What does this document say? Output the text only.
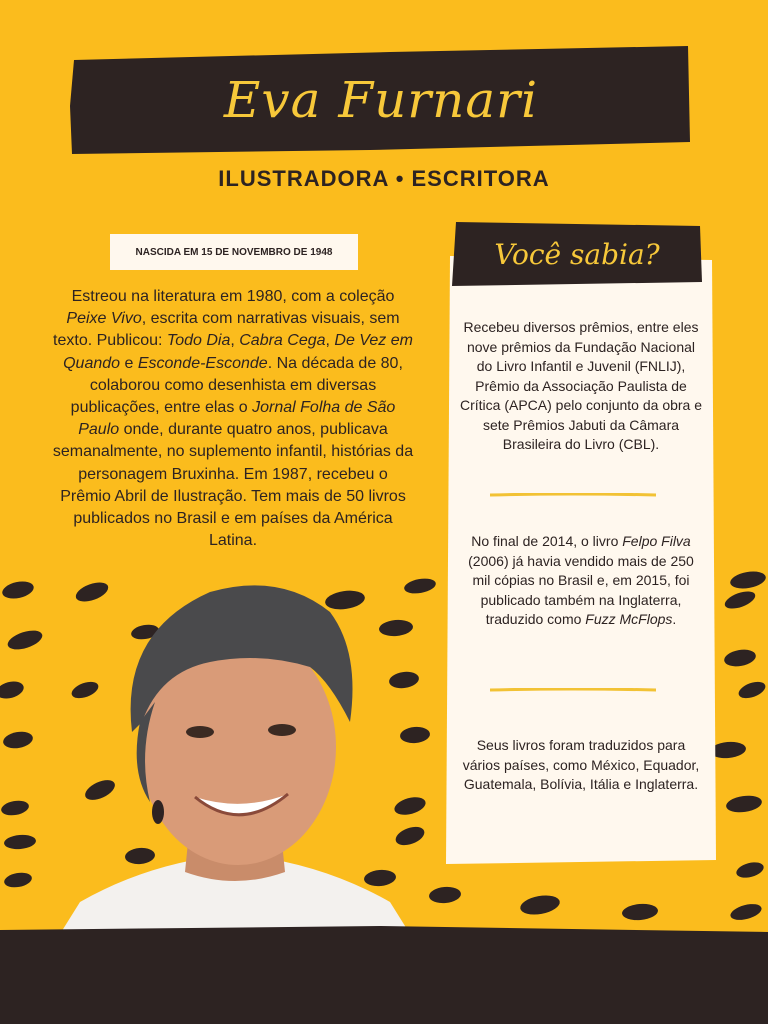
Eva Furnari
ILUSTRADORA • ESCRITORA
NASCIDA EM 15 DE NOVEMBRO DE 1948
Estreou na literatura em 1980, com a coleção Peixe Vivo, escrita com narrativas visuais, sem texto. Publicou: Todo Dia, Cabra Cega, De Vez em Quando e Esconde-Esconde. Na década de 80, colaborou como desenhista em diversas publicações, entre elas o Jornal Folha de São Paulo onde, durante quatro anos, publicava semanalmente, no suplemento infantil, histórias da personagem Bruxinha. Em 1987, recebeu o Prêmio Abril de Ilustração. Tem mais de 50 livros publicados no Brasil e em países da América Latina.
Você sabia?
Recebeu diversos prêmios, entre eles nove prêmios da Fundação Nacional do Livro Infantil e Juvenil (FNLIJ), Prêmio da Associação Paulista de Crítica (APCA) pelo conjunto da obra e sete Prêmios Jabuti da Câmara Brasileira do Livro (CBL).
No final de 2014, o livro Felpo Filva (2006) já havia vendido mais de 250 mil cópias no Brasil e, em 2015, foi publicado também na Inglaterra, traduzido como Fuzz McFlops.
Seus livros foram traduzidos para vários países, como México, Equador, Guatemala, Bolívia, Itália e Inglaterra.
